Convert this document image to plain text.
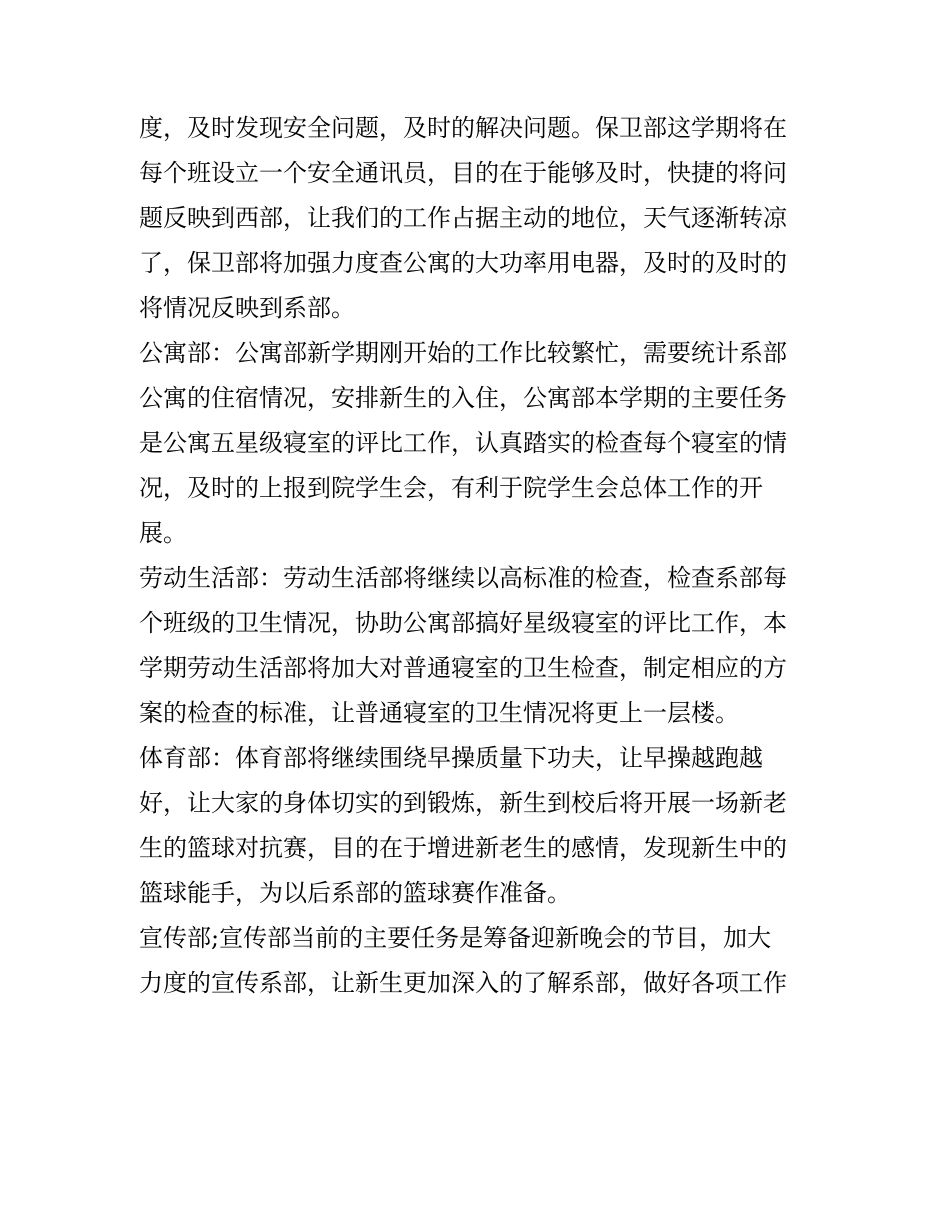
度，及时发现安全问题，及时的解决问题。保卫部这学期将在
每个班设立一个安全通讯员，目的在于能够及时，快捷的将问
题反映到西部，让我们的工作占据主动的地位，天气逐渐转凉
了，保卫部将加强力度查公寓的大功率用电器，及时的及时的
将情况反映到系部。

公寓部：公寓部新学期刚开始的工作比较繁忙，需要统计系部
公寓的住宿情况，安排新生的入住，公寓部本学期的主要任务
是公寓五星级寝室的评比工作，认真踏实的检查每个寝室的情
况，及时的上报到院学生会，有利于院学生会总体工作的开
展。

劳动生活部：劳动生活部将继续以高标准的检查，检查系部每
个班级的卫生情况，协助公寓部搞好星级寝室的评比工作，本
学期劳动生活部将加大对普通寝室的卫生检查，制定相应的方
案的检查的标准，让普通寝室的卫生情况将更上一层楼。

体育部：体育部将继续围绕早操质量下功夫，让早操越跑越
好，让大家的身体切实的到锻炼，新生到校后将开展一场新老
生的篮球对抗赛，目的在于增进新老生的感情，发现新生中的
篮球能手，为以后系部的篮球赛作准备。

宣传部;宣传部当前的主要任务是筹备迎新晚会的节目，加大
力度的宣传系部，让新生更加深入的了解系部，做好各项工作
